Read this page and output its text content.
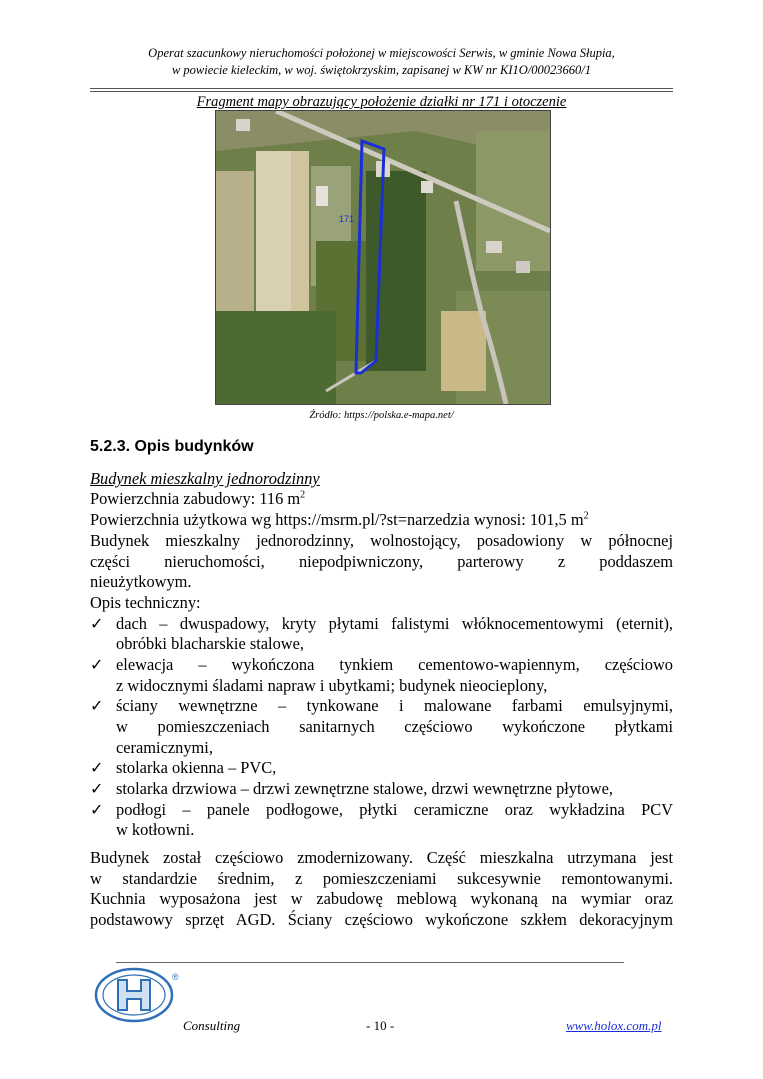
Operat szacunkowy nieruchomości położonej w miejscowości Serwis, w gminie Nowa Słupia,
w powiecie kieleckim, w woj. świętokrzyskim, zapisanej w KW nr KI1O/00023660/1
Fragment mapy obrazujący położenie działki nr 171 i otoczenie
171
Źródło: https://polska.e-mapa.net/
5.2.3. Opis budynków
Budynek mieszkalny jednorodzinny
Powierzchnia zabudowy: 116 $m^2$
Powierzchnia użytkowa wg https://msrm.pl/?st=narzedzia wynosi: 101,5 $m^2$
Budynek mieszkalny jednorodzinny, wolnostojący, posadowiony w północnej
części nieruchomości, niepodpiwniczony, parterowy z poddaszem
nieużytkowym.
Opis techniczny:
✓ dach – dwuspadowy, kryty płytami falistymi włóknocementowymi (eternit),
obróbki blacharskie stalowe,
✓ elewacja – wykończona tynkiem cementowo-wapiennym, częściowo
z widocznymi śladami napraw i ubytkami; budynek nieocieplony,
✓ ściany wewnętrzne – tynkowane i malowane farbami emulsyjnymi,
w pomieszczeniach sanitarnych częściowo wykończone płytkami
ceramicznymi,
✓ stolarka okienna – PVC,
✓ stolarka drzwiowa – drzwi zewnętrzne stalowe, drzwi wewnętrzne płytowe,
✓ podłogi – panele podłogowe, płytki ceramiczne oraz wykładzina PCV
w kotłowni.
Budynek został częściowo zmodernizowany. Część mieszkalna utrzymana jest
w standardzie średnim, z pomieszczeniami sukcesywnie remontowanymi.
Kuchnia wyposażona jest w zabudowę meblową wykonaną na wymiar oraz
podstawowy sprzęt AGD. Ściany częściowo wykończone szkłem dekoracyjnym
®
Consulting	- 10 -	www.holox.com.pl
